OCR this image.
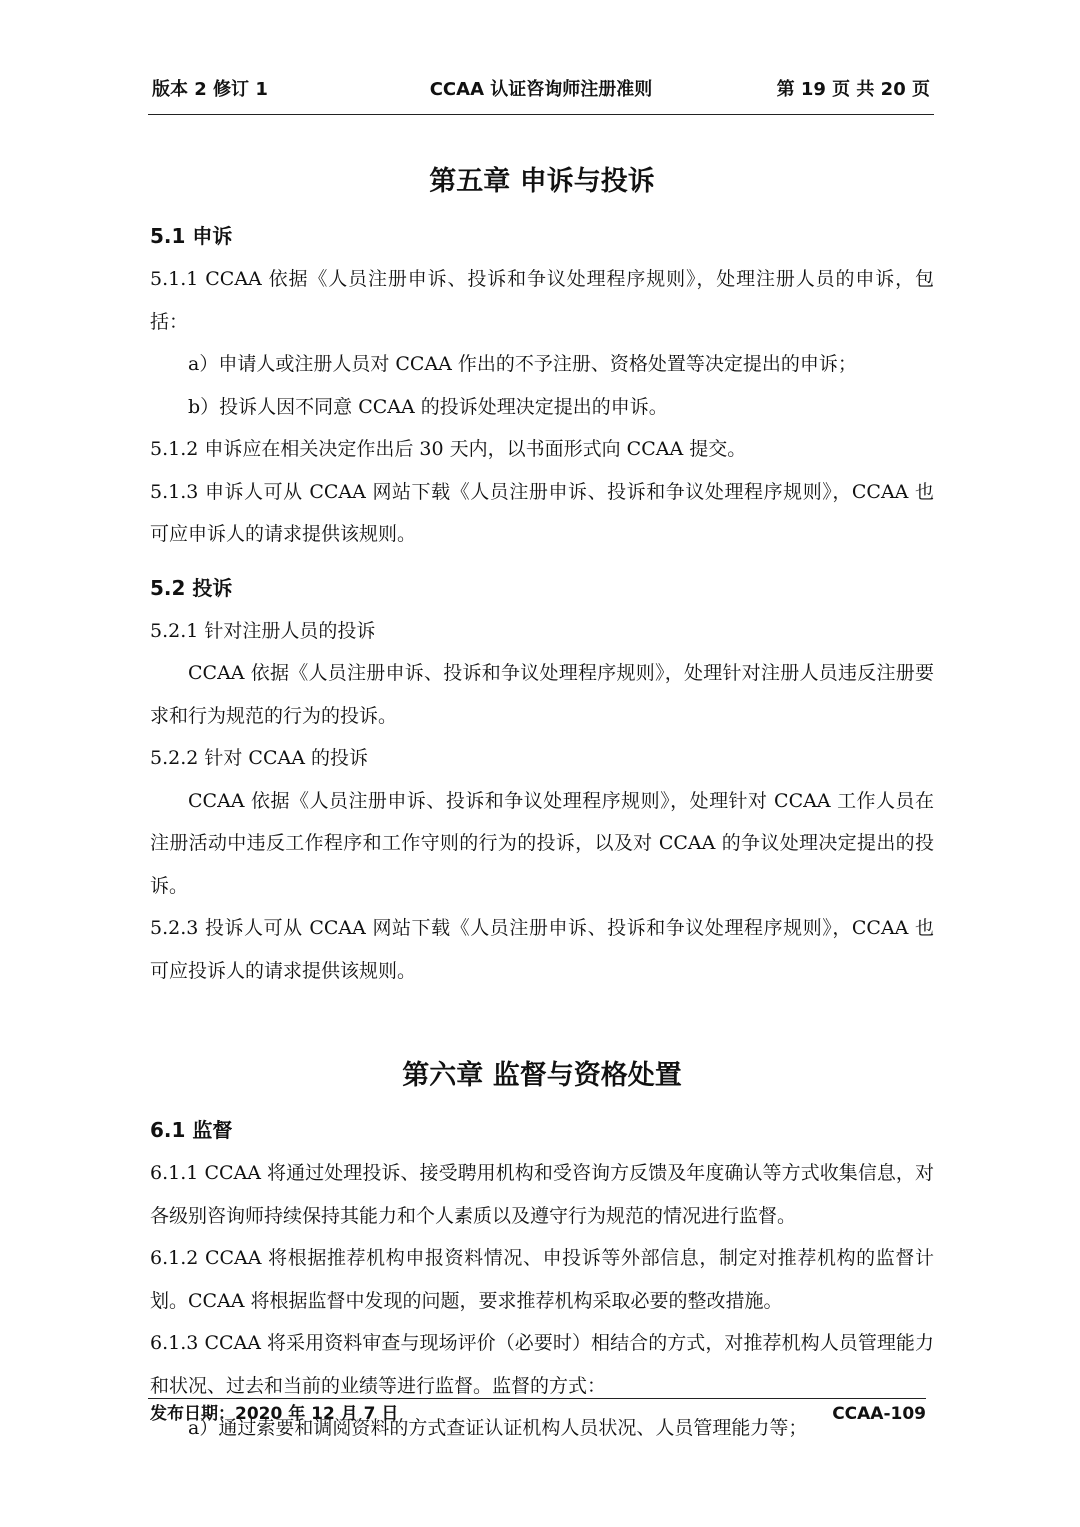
CCAA 认证咨询师注册准则
版本 2 修订 1	第 19 页 共 20 页
第五章 申诉与投诉
5.1 申诉

5.1.1 CCAA 依据《人员注册申诉、投诉和争议处理程序规则》，处理注册人员的申诉，包括：

a）申请人或注册人员对 CCAA 作出的不予注册、资格处置等决定提出的申诉；

b）投诉人因不同意 CCAA 的投诉处理决定提出的申诉。

5.1.2 申诉应在相关决定作出后 30 天内，以书面形式向 CCAA 提交。

5.1.3 申诉人可从 CCAA 网站下载《人员注册申诉、投诉和争议处理程序规则》，CCAA 也可应申诉人的请求提供该规则。

5.2 投诉

5.2.1 针对注册人员的投诉

CCAA 依据《人员注册申诉、投诉和争议处理程序规则》，处理针对注册人员违反注册要求和行为规范的行为的投诉。

5.2.2 针对 CCAA 的投诉

CCAA 依据《人员注册申诉、投诉和争议处理程序规则》，处理针对 CCAA 工作人员在注册活动中违反工作程序和工作守则的行为的投诉，以及对 CCAA 的争议处理决定提出的投诉。

5.2.3 投诉人可从 CCAA 网站下载《人员注册申诉、投诉和争议处理程序规则》，CCAA 也可应投诉人的请求提供该规则。

第六章 监督与资格处置
6.1 监督

6.1.1 CCAA 将通过处理投诉、接受聘用机构和受咨询方反馈及年度确认等方式收集信息，对各级别咨询师持续保持其能力和个人素质以及遵守行为规范的情况进行监督。

6.1.2 CCAA 将根据推荐机构申报资料情况、申投诉等外部信息，制定对推荐机构的监督计划。CCAA 将根据监督中发现的问题，要求推荐机构采取必要的整改措施。

6.1.3 CCAA 将采用资料审查与现场评价（必要时）相结合的方式，对推荐机构人员管理能力和状况、过去和当前的业绩等进行监督。监督的方式：

a）通过索要和调阅资料的方式查证认证机构人员状况、人员管理能力等；

发布日期：2020 年 12 月 7 日	CCAA-109
